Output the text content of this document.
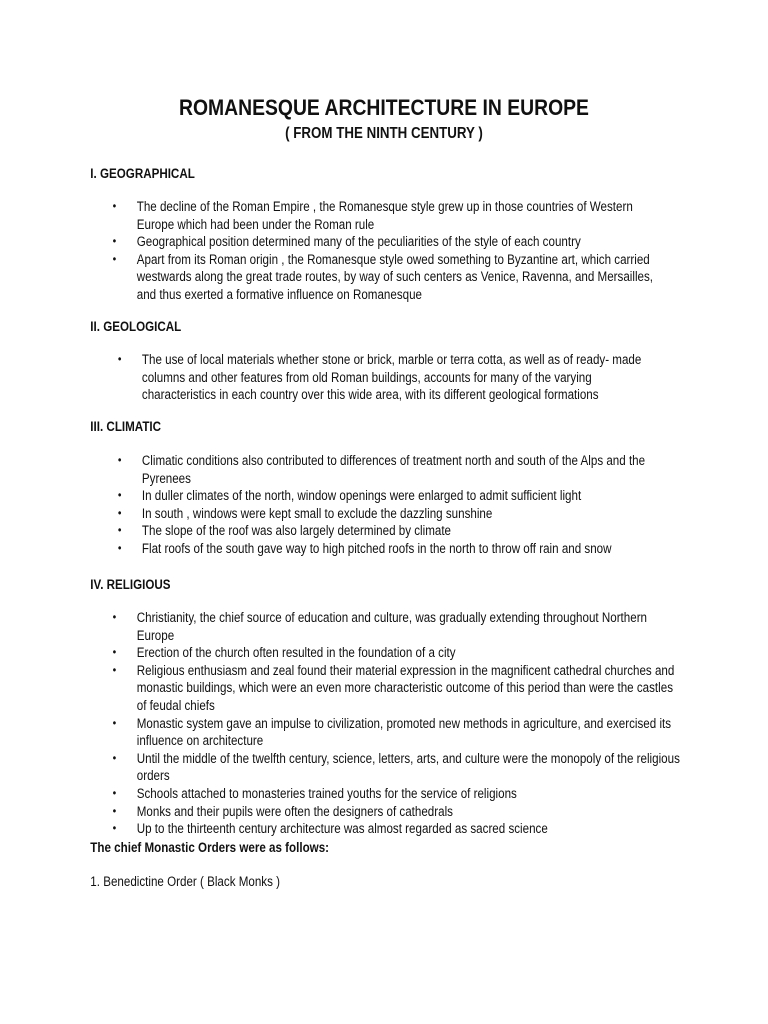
ROMANESQUE ARCHITECTURE IN EUROPE
( FROM THE NINTH CENTURY )
I. GEOGRAPHICAL
• The decline of the Roman Empire , the Romanesque style grew up in those countries of Western Europe which had been under the Roman rule
• Geographical position determined many of the peculiarities of the style of each country
• Apart from its Roman origin , the Romanesque style owed something to Byzantine art, which carried westwards along the great trade routes, by way of such centers as Venice, Ravenna, and Mersailles, and thus exerted a formative influence on Romanesque
II. GEOLOGICAL
• The use of local materials whether stone or brick, marble or terra cotta, as well as of ready- made columns and other features from old Roman buildings, accounts for many of the varying characteristics in each country over this wide area, with its different geological formations
III. CLIMATIC
• Climatic conditions also contributed to differences of treatment north and south of the Alps and the Pyrenees
• In duller climates of the north, window openings were enlarged to admit sufficient light
• In south , windows were kept small to exclude the dazzling sunshine
• The slope of the roof was also largely determined by climate
• Flat roofs of the south gave way to high pitched roofs in the north to throw off rain and snow
IV. RELIGIOUS
• Christianity, the chief source of education and culture, was gradually extending throughout Northern Europe
• Erection of the church often resulted in the foundation of a city
• Religious enthusiasm and zeal found their material expression in the magnificent cathedral churches and monastic buildings, which were an even more characteristic outcome of this period than were the castles of feudal chiefs
• Monastic system gave an impulse to civilization, promoted new methods in agriculture, and exercised its influence on architecture
• Until the middle of the twelfth century, science, letters, arts, and culture were the monopoly of the religious orders
• Schools attached to monasteries trained youths for the service of religions
• Monks and their pupils were often the designers of cathedrals
• Up to the thirteenth century architecture was almost regarded as sacred science
The chief Monastic Orders were as follows:
1. Benedictine Order ( Black Monks )
